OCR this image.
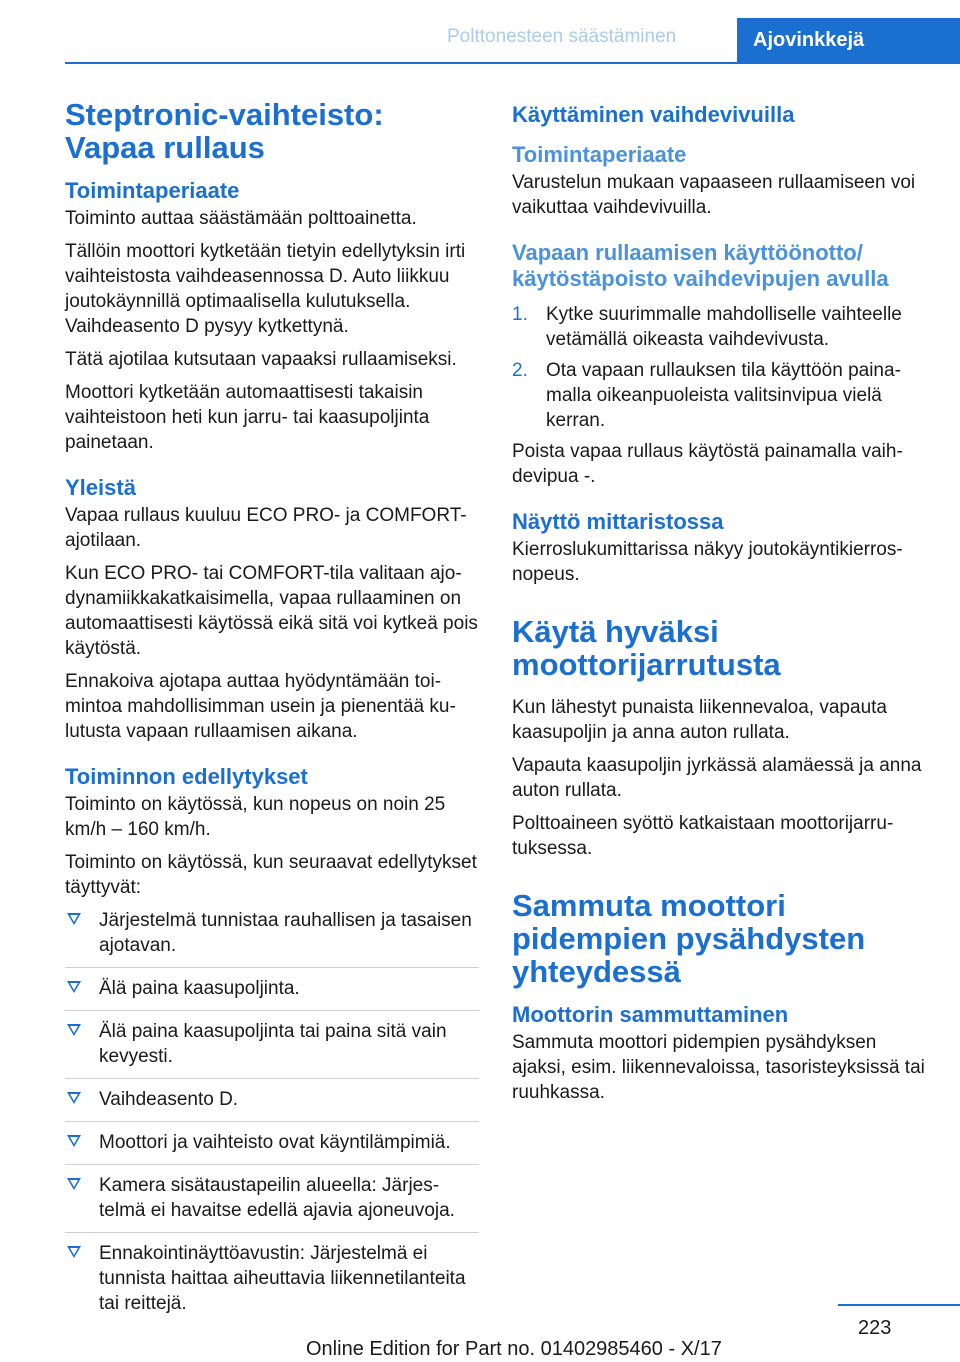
Polttonesteen säästäminen	Ajovinkkejä
Steptronic-vaihteisto: Vapaa rullaus
Toimintaperiaate

Toiminto auttaa säästämään polttoainetta.

Tällöin moottori kytketään tietyin edellytyksin irti vaihteistosta vaihdeasennossa D. Auto liikkuu joutokäynnillä optimaalisella kulutuksella. Vaihdeasento D pysyy kytkettynä.

Tätä ajotilaa kutsutaan vapaaksi rullaamiseksi.

Moottori kytketään automaattisesti takaisin vaihteistoon heti kun jarru- tai kaasupoljinta painetaan.

Yleistä

Vapaa rullaus kuuluu ECO PRO- ja COMFORT-ajotilaan.

Kun ECO PRO- tai COMFORT-tila valitaan ajodynamiikkakatkaisimella, vapaa rullaaminen on automaattisesti käytössä eikä sitä voi kytkeä pois käytöstä.

Ennakoiva ajotapa auttaa hyödyntämään toimintoa mahdollisimman usein ja pienentää kulutusta vapaan rullaamisen aikana.

Toiminnon edellytykset

Toiminto on käytössä, kun nopeus on noin 25 km/h – 160 km/h.

Toiminto on käytössä, kun seuraavat edellytykset täyttyvät:

Järjestelmä tunnistaa rauhallisen ja tasaisen ajotavan.
Älä paina kaasupoljinta.
Älä paina kaasupoljinta tai paina sitä vain kevyesti.
Vaihdeasento D.
Moottori ja vaihteisto ovat käyntilämpimiä.
Kamera sisätaustapeilin alueella: Järjestelmä ei havaitse edellä ajavia ajoneuvoja.
Ennakointinäyttöavustin: Järjestelmä ei tunnista haittaa aiheuttavia liikennetilanteita tai reittejä.
Käyttäminen vaihdevivuilla
Toimintaperiaate

Varustelun mukaan vapaaseen rullaamiseen voi vaikuttaa vaihdevivuilla.

Vapaan rullaamisen käyttöönotto/ käytöstäpoisto vaihdevipujen avulla
1. Kytke suurimmalle mahdolliselle vaihteelle vetämällä oikeasta vaihdevivusta.
2. Ota vapaan rullauksen tila käyttöön painamalla oikeanpuoleista valitsinvipua vielä kerran.

Poista vapaa rullaus käytöstä painamalla vaihdevipua -.

Näyttö mittaristossa

Kierroslukumittarissa näkyy joutokäyntikierrosnopeus.

Käytä hyväksi moottorijarrutusta

Kun lähestyt punaista liikennevaloa, vapauta kaasupoljin ja anna auton rullata.

Vapauta kaasupoljin jyrkässä alamäessä ja anna auton rullata.

Polttoaineen syöttö katkaistaan moottorijarrutuksessa.

Sammuta moottori pidempien pysähdysten yhteydessä
Moottorin sammuttaminen

Sammuta moottori pidempien pysähdyksen ajaksi, esim. liikennevaloissa, tasoristeyksissä tai ruuhkassa.

223
Online Edition for Part no. 01402985460 - X/17
